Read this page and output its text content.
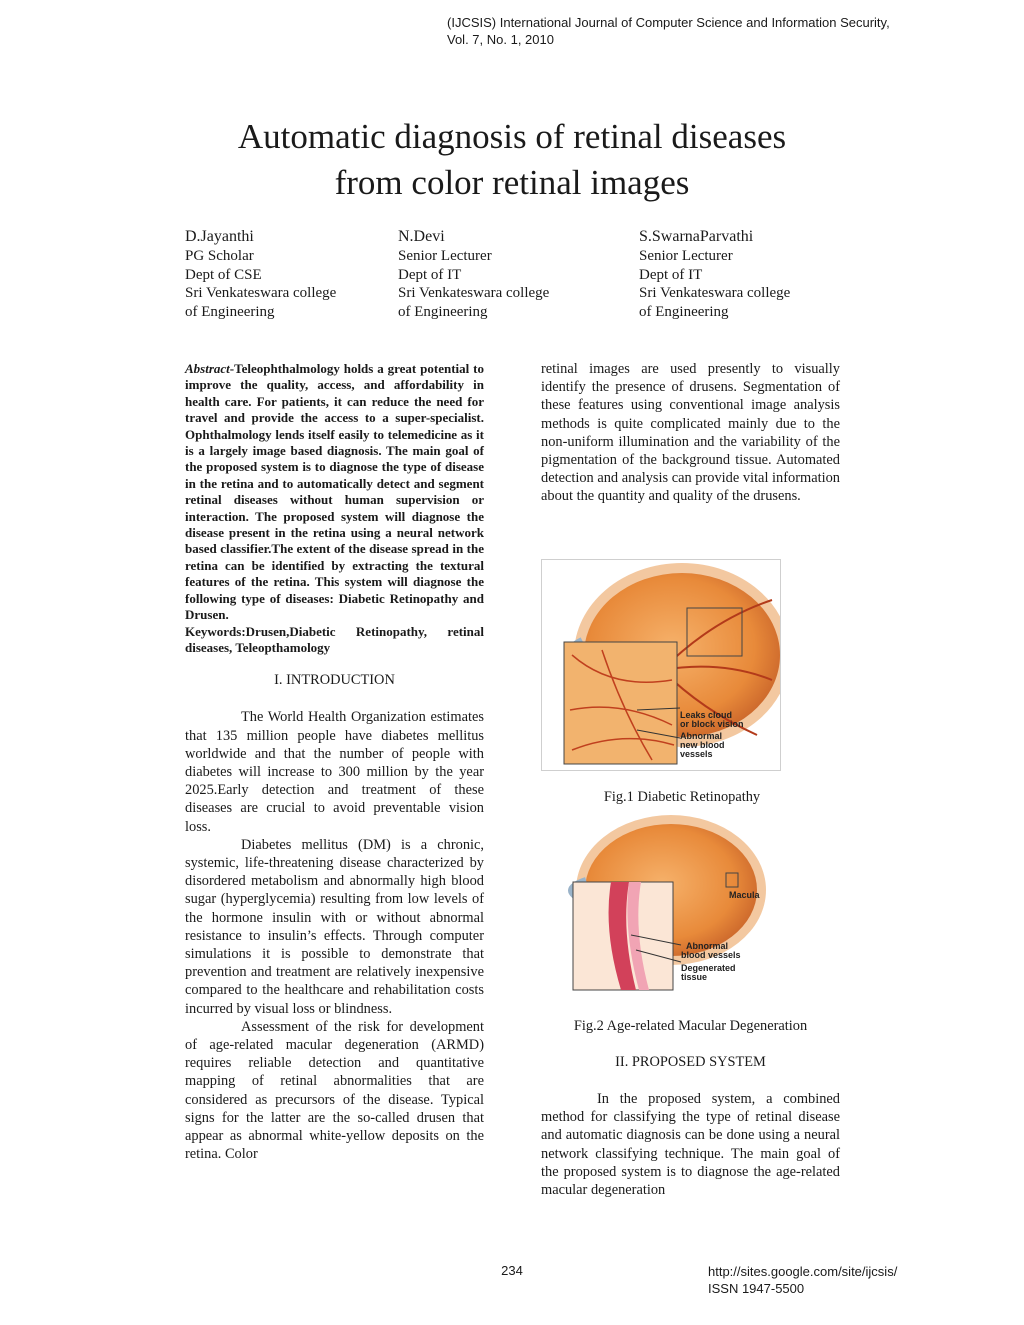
(IJCSIS) International Journal of Computer Science and Information Security,
Vol. 7, No. 1, 2010
Automatic diagnosis of retinal diseases
from color retinal images
D.Jayanthi
PG Scholar
Dept of CSE
Sri Venkateswara college
of Engineering
N.Devi
Senior Lecturer
Dept of IT
Sri Venkateswara college
of Engineering
S.SwarnaParvathi
Senior Lecturer
Dept of IT
Sri Venkateswara college
of Engineering

Abstract-Teleophthalmology holds a great potential to improve the quality, access, and affordability in health care. For patients, it can reduce the need for travel and provide the access to a super-specialist. Ophthalmology lends itself easily to telemedicine as it is a largely image based diagnosis. The main goal of the proposed system is to diagnose the type of disease in the retina and to automatically detect and segment retinal diseases without human supervision or interaction. The proposed system will diagnose the disease present in the retina using a neural network based classifier.The extent of the disease spread in the retina can be identified by extracting the textural features of the retina. This system will diagnose the following type of diseases: Diabetic Retinopathy and Drusen.

Keywords:Drusen,Diabetic Retinopathy, retinal diseases, Teleopthamology

I. INTRODUCTION

The World Health Organization estimates that 135 million people have diabetes mellitus worldwide and that the number of people with diabetes will increase to 300 million by the year 2025.Early detection and treatment of these diseases are crucial to avoid preventable vision loss.

Diabetes mellitus (DM) is a chronic, systemic, life-threatening disease characterized by disordered metabolism and abnormally high blood sugar (hyperglycemia) resulting from low levels of the hormone insulin with or without abnormal resistance to insulin’s effects. Through computer simulations it is possible to demonstrate that prevention and treatment are relatively inexpensive compared to the healthcare and rehabilitation costs incurred by visual loss or blindness.

Assessment of the risk for development of age-related macular degeneration (ARMD) requires reliable detection and quantitative mapping of retinal abnormalities that are considered as precursors of the disease. Typical signs for the latter are the so-called drusen that appear as abnormal white-yellow deposits on the retina. Color

retinal images are used presently to visually identify the presence of drusens. Segmentation of these features using conventional image analysis methods is quite complicated mainly due to the non-uniform illumination and the variability of the pigmentation of the background tissue. Automated detection and analysis can provide vital information about the quantity and quality of the drusens.

Leaks cloud
or block vision
Abnormal
new blood
vessels
Fig.1 Diabetic Retinopathy
Macula
Abnormal
blood vessels
Degenerated
tissue
Fig.2 Age-related Macular Degeneration
II. PROPOSED SYSTEM

In the proposed system, a combined method for classifying the type of retinal disease and automatic diagnosis can be done using a neural network classifying technique. The main goal of the proposed system is to diagnose the age-related macular degeneration

234	http://sites.google.com/site/ijcsis/
ISSN 1947-5500
